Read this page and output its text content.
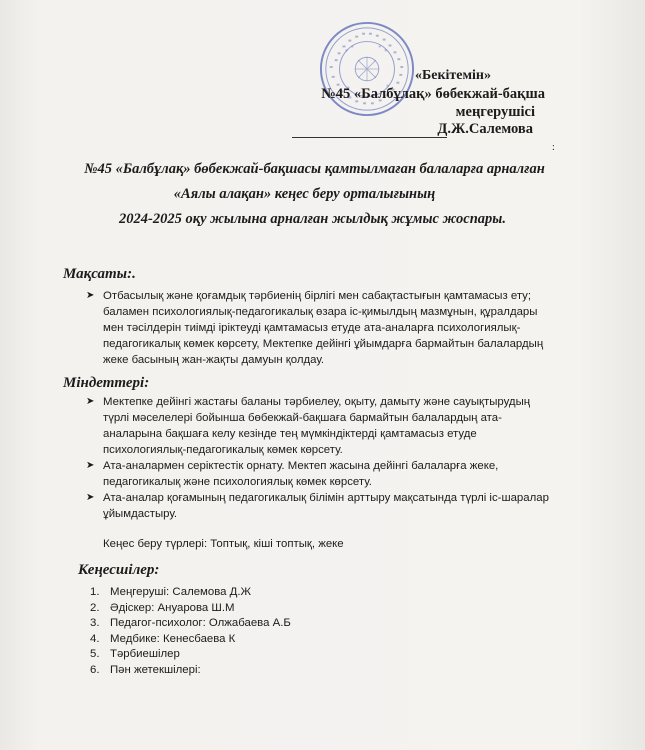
«Бекітемін»
№45 «Балбұлақ» бөбекжай-бақша
меңгерушісі
Д.Ж.Салемова
:
№45 «Балбұлақ» бөбекжай-бақшасы қамтылмаған балаларға арналған
«Аялы алақан» кеңес беру орталығының
2024-2025 оқу жылына арналған жылдық жұмыс жоспары.
Мақсаты:.
➤ Отбасылық және қоғамдық тәрбиенің бірлігі мен сабақтастығын қамтамасыз ету; баламен психологиялық-педагогикалық өзара іс-қимылдың мазмұнын, құралдары мен тәсілдерін тиімді іріктеуді қамтамасыз етуде ата-аналарға психологиялық-педагогикалық көмек көрсету, Мектепке дейінгі ұйымдарға бармайтын балалардың жеке басының жан-жақты дамуын қолдау.
Міндеттері:
➤ Мектепке дейінгі жастағы баланы тәрбиелеу, оқыту, дамыту және сауықтырудың түрлі мәселелері бойынша бөбекжай-бақшаға бармайтын балалардың ата-аналарына бақшаға келу кезінде тең мүмкіндіктерді қамтамасыз етуде психологиялық-педагогикалық көмек көрсету.
➤ Ата-аналармен серіктестік орнату. Мектеп жасына дейінгі балаларға жеке, педагогикалық және психологиялық көмек көрсету.
➤ Ата-аналар қоғамының педагогикалық білімін арттыру мақсатында түрлі іс-шаралар ұйымдастыру.
Кеңес беру түрлері: Топтық, кіші топтық, жеке
Кеңесшілер:
1. Меңгеруші: Салемова Д.Ж
2. Әдіскер: Ануарова Ш.М
3. Педагог-психолог: Олжабаева А.Б
4. Медбике: Кенесбаева К
5. Тәрбиешілер
6. Пән жетекшілері:
